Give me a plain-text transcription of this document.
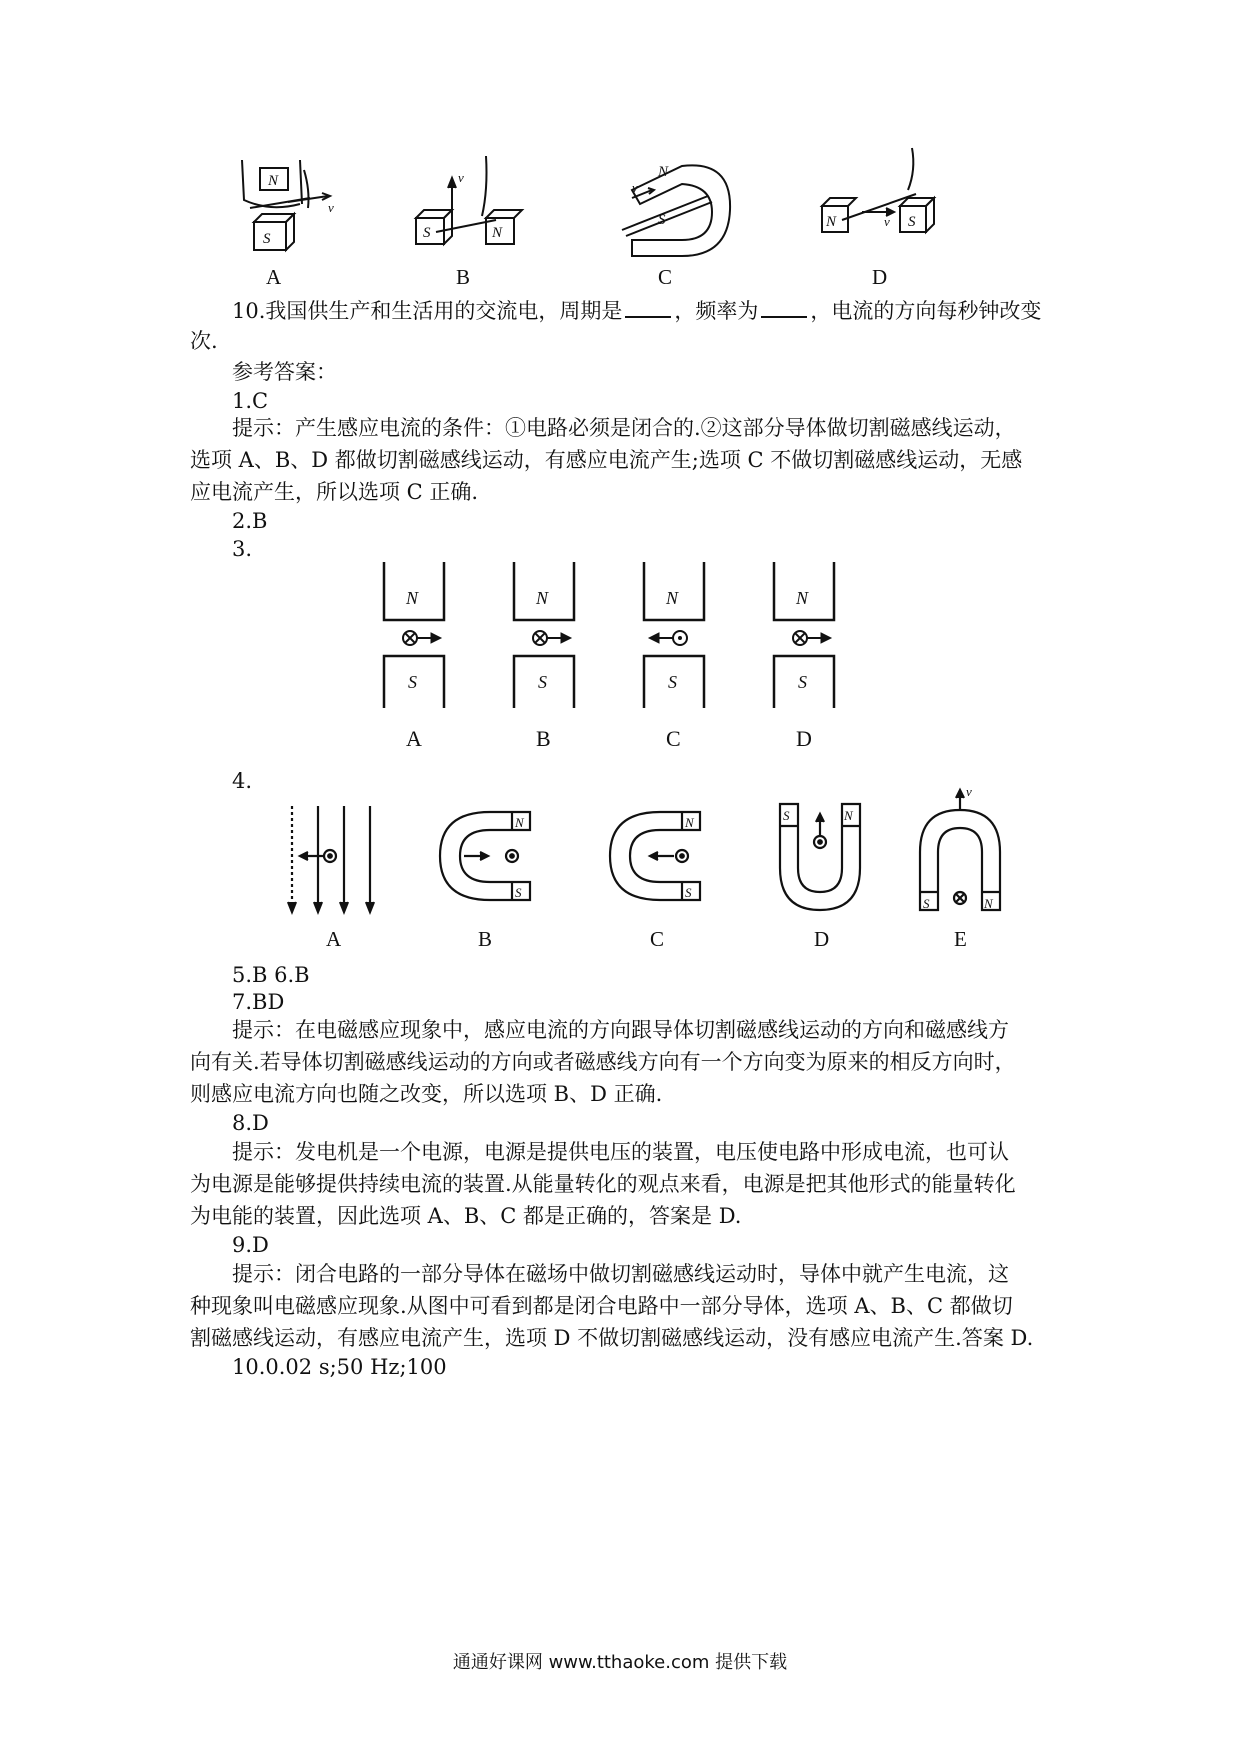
N
v
S
A
S	N
v
B
N
S
v
C
N	S
v
D
10.我国供生产和生活用的交流电，周期是 ，频率为 ，电流的方向每秒钟改变
次.
参考答案：
1.C
提示：产生感应电流的条件：①电路必须是闭合的.②这部分导体做切割磁感线运动，
选项 A、B、D 都做切割磁感线运动，有感应电流产生;选项 C 不做切割磁感线运动，无感
应电流产生，所以选项 C 正确.
2.B
3.
N
S
A
N
S
B
N
S
C
N
S
D
4.
A
N
S
B
N
S
C
S	N
D
S	N
v
E
5.B 6.B
7.BD
提示：在电磁感应现象中，感应电流的方向跟导体切割磁感线运动的方向和磁感线方
向有关.若导体切割磁感线运动的方向或者磁感线方向有一个方向变为原来的相反方向时，
则感应电流方向也随之改变，所以选项 B、D 正确.
8.D
提示：发电机是一个电源，电源是提供电压的装置，电压使电路中形成电流，也可认
为电源是能够提供持续电流的装置.从能量转化的观点来看，电源是把其他形式的能量转化
为电能的装置，因此选项 A、B、C 都是正确的，答案是 D.
9.D
提示：闭合电路的一部分导体在磁场中做切割磁感线运动时，导体中就产生电流，这
种现象叫电磁感应现象.从图中可看到都是闭合电路中一部分导体，选项 A、B、C 都做切
割磁感线运动，有感应电流产生，选项 D 不做切割磁感线运动，没有感应电流产生.答案 D.
10.0.02 s;50 Hz;100
通通好课网 www.tthaoke.com 提供下载
